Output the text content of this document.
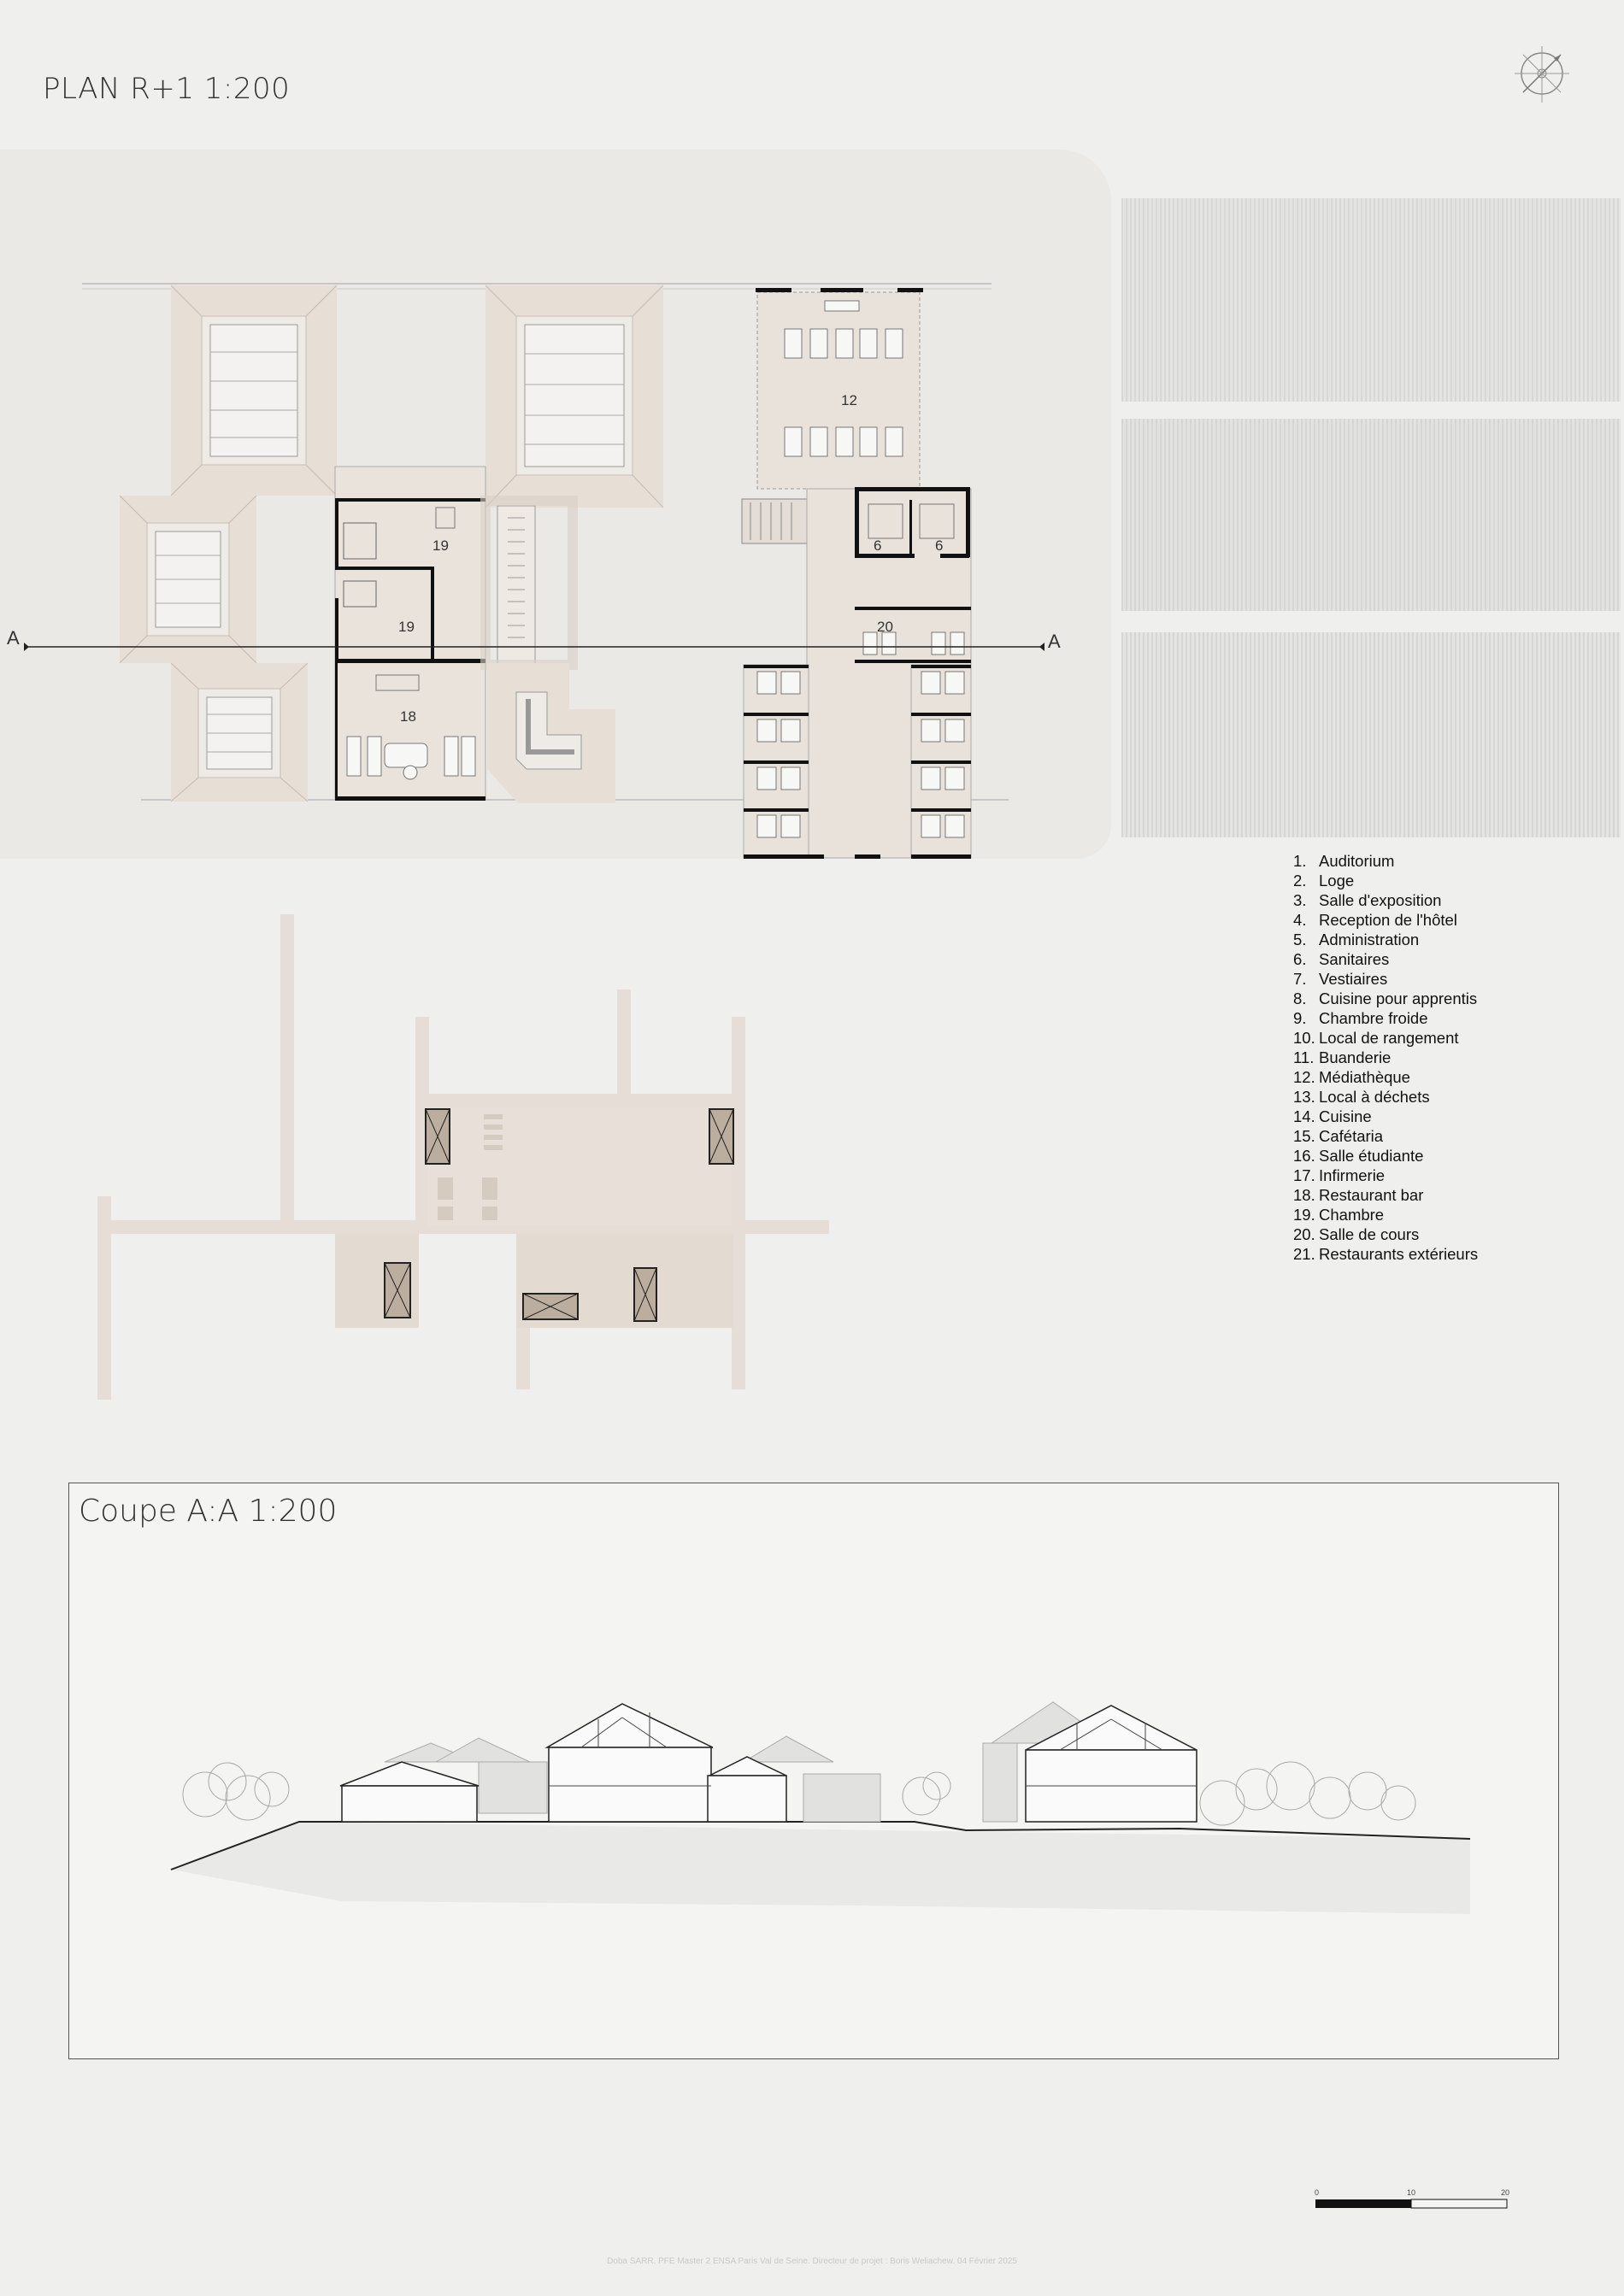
PLAN R+1 1:200
A	A
12
19
19
6	6
20
18
1. Auditorium
2. Loge
3. Salle d'exposition
4. Reception de l'hôtel
5. Administration
6. Sanitaires
7. Vestiaires
8. Cuisine pour apprentis
9. Chambre froide
10. Local de rangement
11. Buanderie
12. Médiathèque
13. Local à déchets
14. Cuisine
15. Cafétaria
16. Salle étudiante
17. Infirmerie
18. Restaurant bar
19. Chambre
20. Salle de cours
21. Restaurants extérieurs
Coupe A:A 1:200
0	10	20
Doba SARR. PFE Master 2 ENSA Paris Val de Seine. Directeur de projet : Boris Weliachew. 04 Février 2025
